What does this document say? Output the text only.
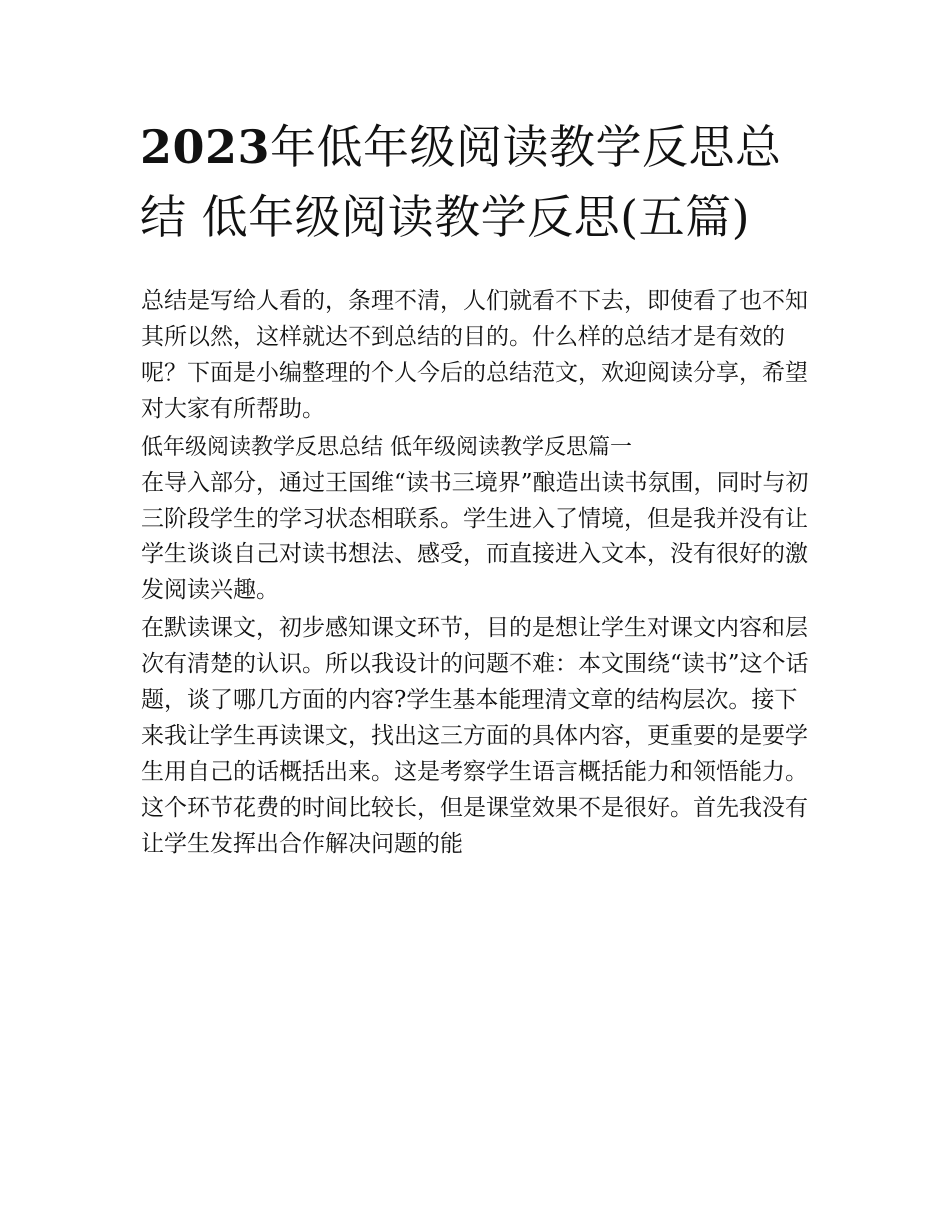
2023年低年级阅读教学反思总结 低年级阅读教学反思(五篇)

总结是写给人看的，条理不清，人们就看不下去，即使看了也不知其所以然，这样就达不到总结的目的。什么样的总结才是有效的呢？下面是小编整理的个人今后的总结范文，欢迎阅读分享，希望对大家有所帮助。

低年级阅读教学反思总结 低年级阅读教学反思篇一

在导入部分，通过王国维“读书三境界”酿造出读书氛围，同时与初三阶段学生的学习状态相联系。学生进入了情境，但是我并没有让学生谈谈自己对读书想法、感受，而直接进入文本，没有很好的激发阅读兴趣。

在默读课文，初步感知课文环节，目的是想让学生对课文内容和层次有清楚的认识。所以我设计的问题不难：本文围绕“读书”这个话题，谈了哪几方面的内容?学生基本能理清文章的结构层次。接下来我让学生再读课文，找出这三方面的具体内容，更重要的是要学生用自己的话概括出来。这是考察学生语言概括能力和领悟能力。这个环节花费的时间比较长，但是课堂效果不是很好。首先我没有让学生发挥出合作解决问题的能
